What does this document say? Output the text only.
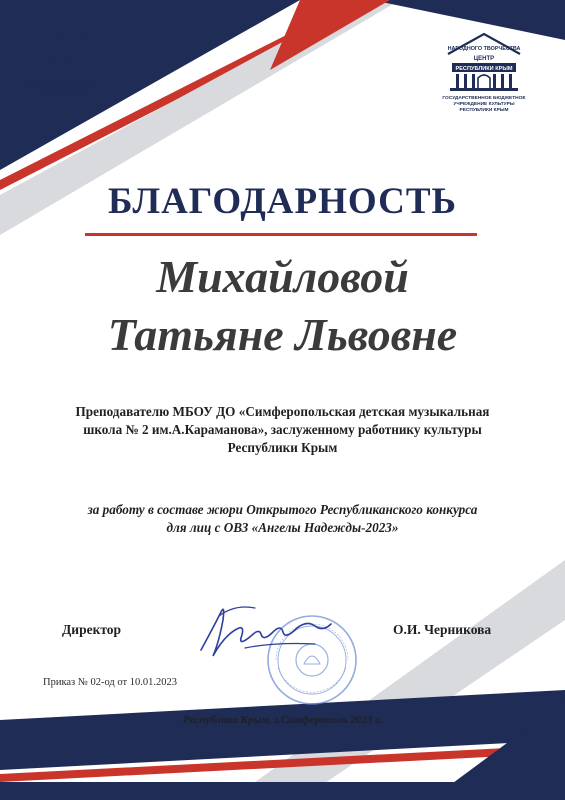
МИНИСТЕРСТВО КУЛЬТУРЫ
РЕСПУБЛИКИ КРЫМ
НАРОДНОГО ТВОРЧЕСТВА
ЦЕНТР
РЕСПУБЛИКИ КРЫМ
ГОСУДАРСТВЕННОЕ БЮДЖЕТНОЕ
УЧРЕЖДЕНИЕ КУЛЬТУРЫ
РЕСПУБЛИКИ КРЫМ
БЛАГОДАРНОСТЬ
Михайловой
Татьяне Львовне
Преподавателю МБОУ ДО «Симферопольская детская музыкальная
школа № 2 им.А.Караманова», заслуженному работнику культуры
Республики Крым
за работу в составе жюри Открытого Республиканского конкурса
для лиц с ОВЗ «Ангелы Надежды-2023»
Директор	О.И. Черникова
Приказ № 02-од от 10.01.2023
Республика Крым, г.Симферополь 2023 г.
